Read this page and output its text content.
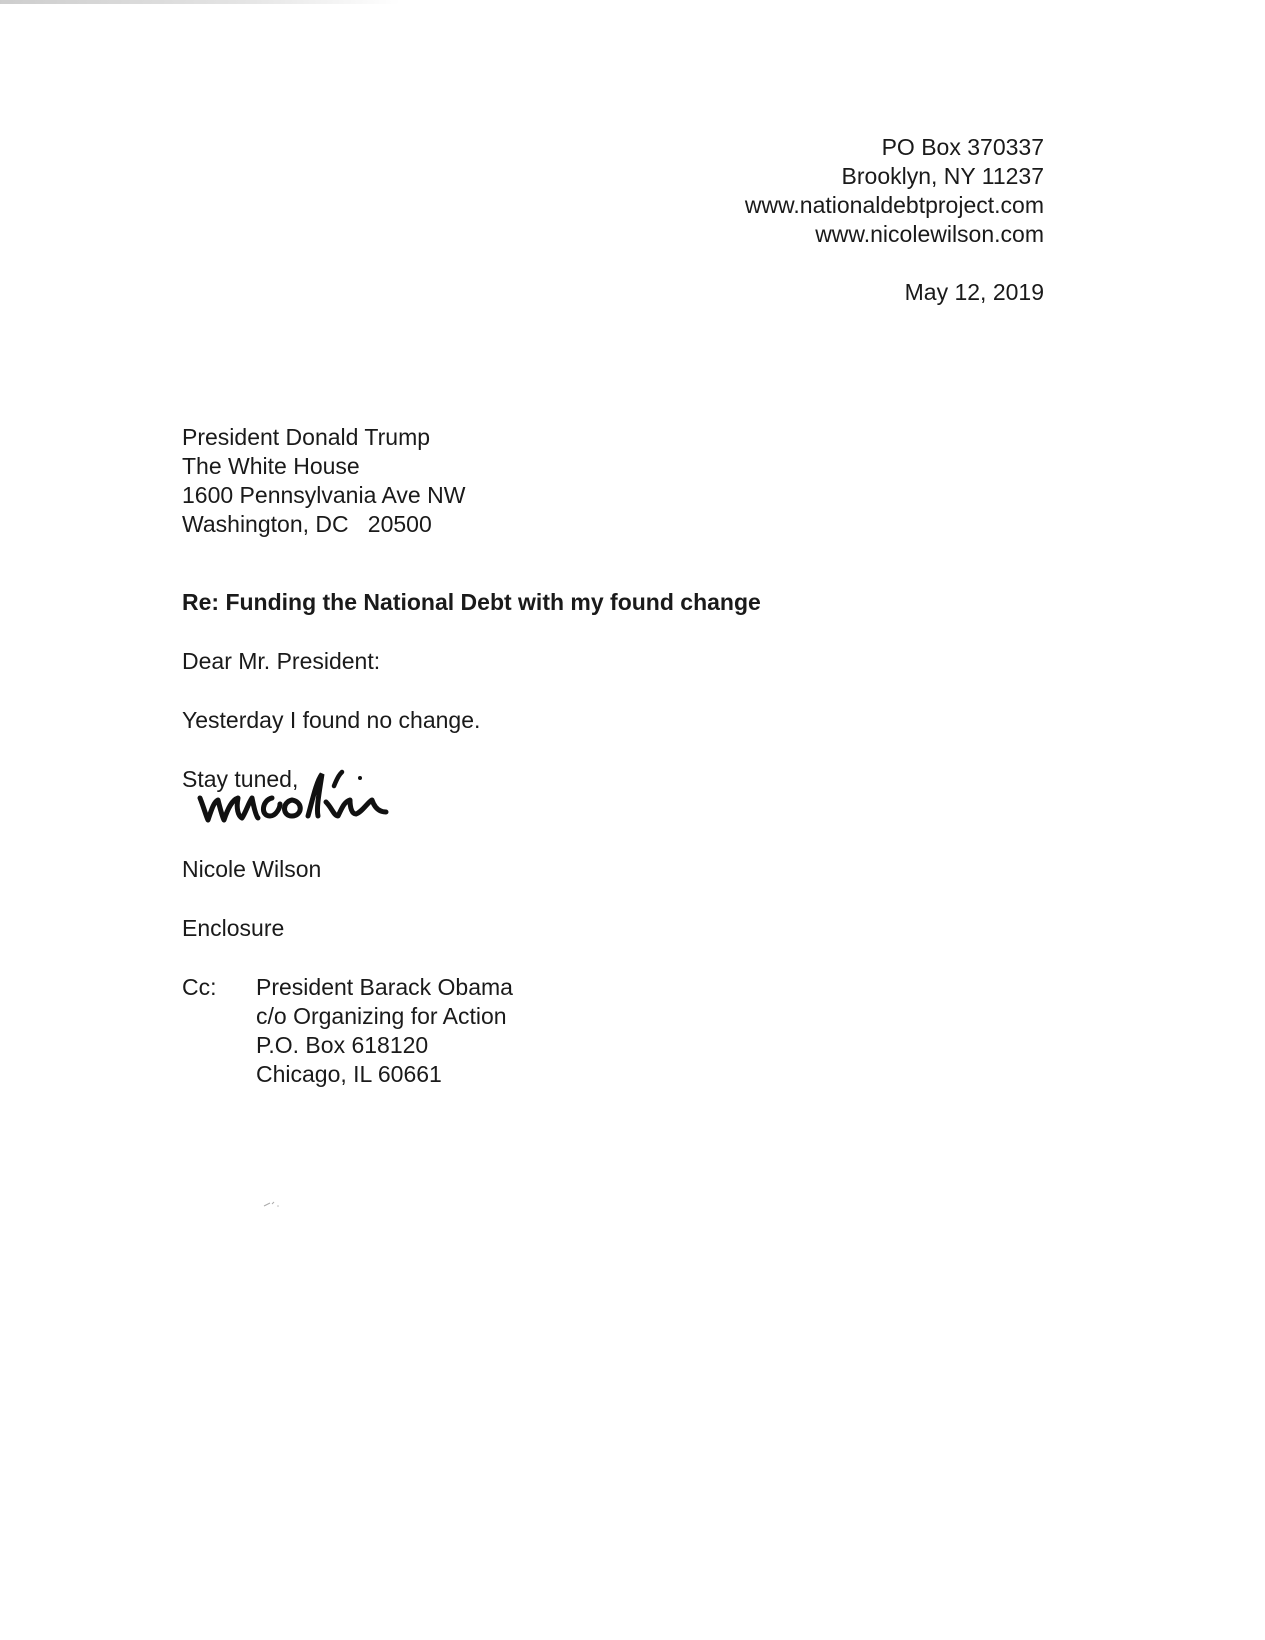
PO Box 370337
Brooklyn, NY 11237
www.nationaldebtproject.com
www.nicolewilson.com
May 12, 2019
President Donald Trump
The White House
1600 Pennsylvania Ave NW
Washington, DC   20500
Re: Funding the National Debt with my found change
Dear Mr. President:
Yesterday I found no change.
Stay tuned,
Nicole Wilson
Enclosure
Cc: President Barack Obama
c/o Organizing for Action
P.O. Box 618120
Chicago, IL 60661
